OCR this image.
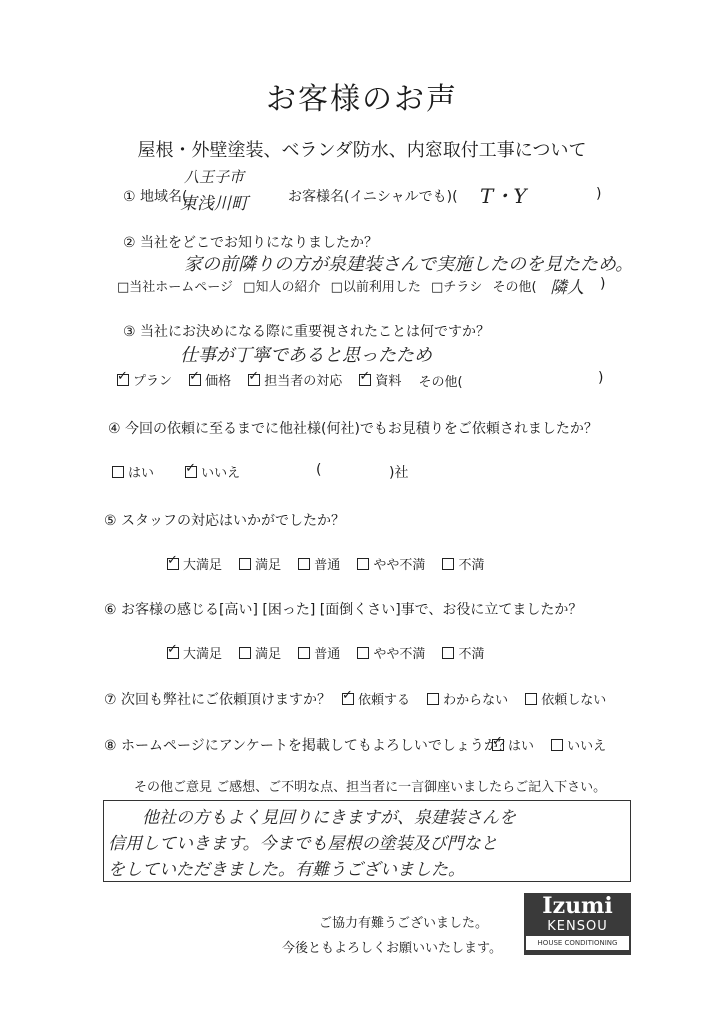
お客様のお声
屋根・外壁塗装、ベランダ防水、内窓取付工事について
① 地域名(
八王子市
東浅川町	お客様名(イニシャルでも)( T・Y	)
② 当社をどこでお知りになりましたか？
家の前隣りの方が泉建装さんで実施したのを見たため。
□当社ホームページ □知人の紹介 □以前利用した □チラシ その他( 隣人 )
③ 当社にお決めになる際に重要視されたことは何ですか？
仕事が丁寧であると思ったため
✓
プラン
✓	価格
✓	担当者の対応
✓	資料 その他(	)
④ 今回の依頼に至るまでに他社様(何社)でもお見積りをご依頼されましたか？
はい
✓	いいえ	(	)社
⑤ スタッフの対応はいかがでしたか？
✓
大満足
	満足
	普通
	やや不満
	不満
⑥ お客様の感じる[高い] [困った] [面倒くさい]事で、お役に立てましたか？
✓
大満足
	満足
	普通
	やや不満
	不満
⑦ 次回も弊社にご依頼頂けますか？ ✓ 依頼する
	わからない
	依頼しない
⑧ ホームページにアンケートを掲載してもよろしいでしょうか？
✓
はい
	いいえ
その他ご意見 ご感想、ご不明な点、担当者に一言御座いましたらご記入下さい。
他社の方もよく見回りにきますが、泉建装さんを
信用していきます。今までも屋根の塗装及び門なと
をしていただきました。有難うございました。
ご協力有難うございました。
今後ともよろしくお願いいたします。
Izumi
KENSOU
HOUSE CONDITIONING
